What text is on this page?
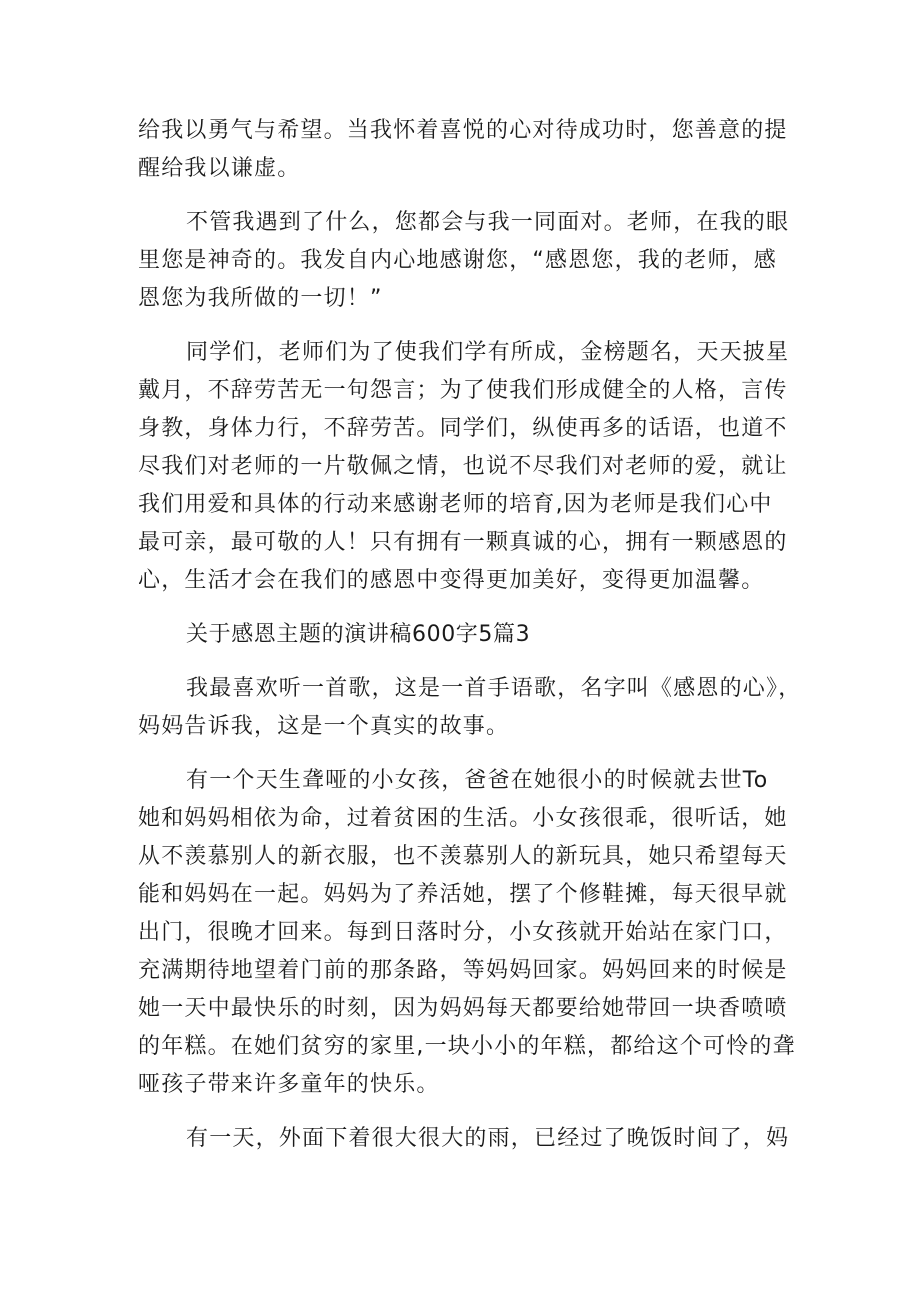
给我以勇气与希望。当我怀着喜悦的心对待成功时，您善意的提
醒给我以谦虚。
不管我遇到了什么，您都会与我一同面对。老师，在我的眼
里您是神奇的。我发自内心地感谢您，“感恩您，我的老师，感
恩您为我所做的一切！”
同学们，老师们为了使我们学有所成，金榜题名，天天披星
戴月，不辞劳苦无一句怨言；为了使我们形成健全的人格，言传
身教，身体力行，不辞劳苦。同学们，纵使再多的话语，也道不
尽我们对老师的一片敬佩之情，也说不尽我们对老师的爱，就让
我们用爱和具体的行动来感谢老师的培育,因为老师是我们心中
最可亲，最可敬的人！只有拥有一颗真诚的心，拥有一颗感恩的
心，生活才会在我们的感恩中变得更加美好，变得更加温馨。
关于感恩主题的演讲稿600字5篇3
我最喜欢听一首歌，这是一首手语歌，名字叫《感恩的心》，
妈妈告诉我，这是一个真实的故事。
有一个天生聋哑的小女孩，爸爸在她很小的时候就去世To
她和妈妈相依为命，过着贫困的生活。小女孩很乖，很听话，她
从不羡慕别人的新衣服，也不羡慕别人的新玩具，她只希望每天
能和妈妈在一起。妈妈为了养活她，摆了个修鞋摊，每天很早就
出门，很晚才回来。每到日落时分，小女孩就开始站在家门口，
充满期待地望着门前的那条路，等妈妈回家。妈妈回来的时候是
她一天中最快乐的时刻，因为妈妈每天都要给她带回一块香喷喷
的年糕。在她们贫穷的家里,一块小小的年糕，都给这个可怜的聋
哑孩子带来许多童年的快乐。
有一天，外面下着很大很大的雨，已经过了晚饭时间了，妈
